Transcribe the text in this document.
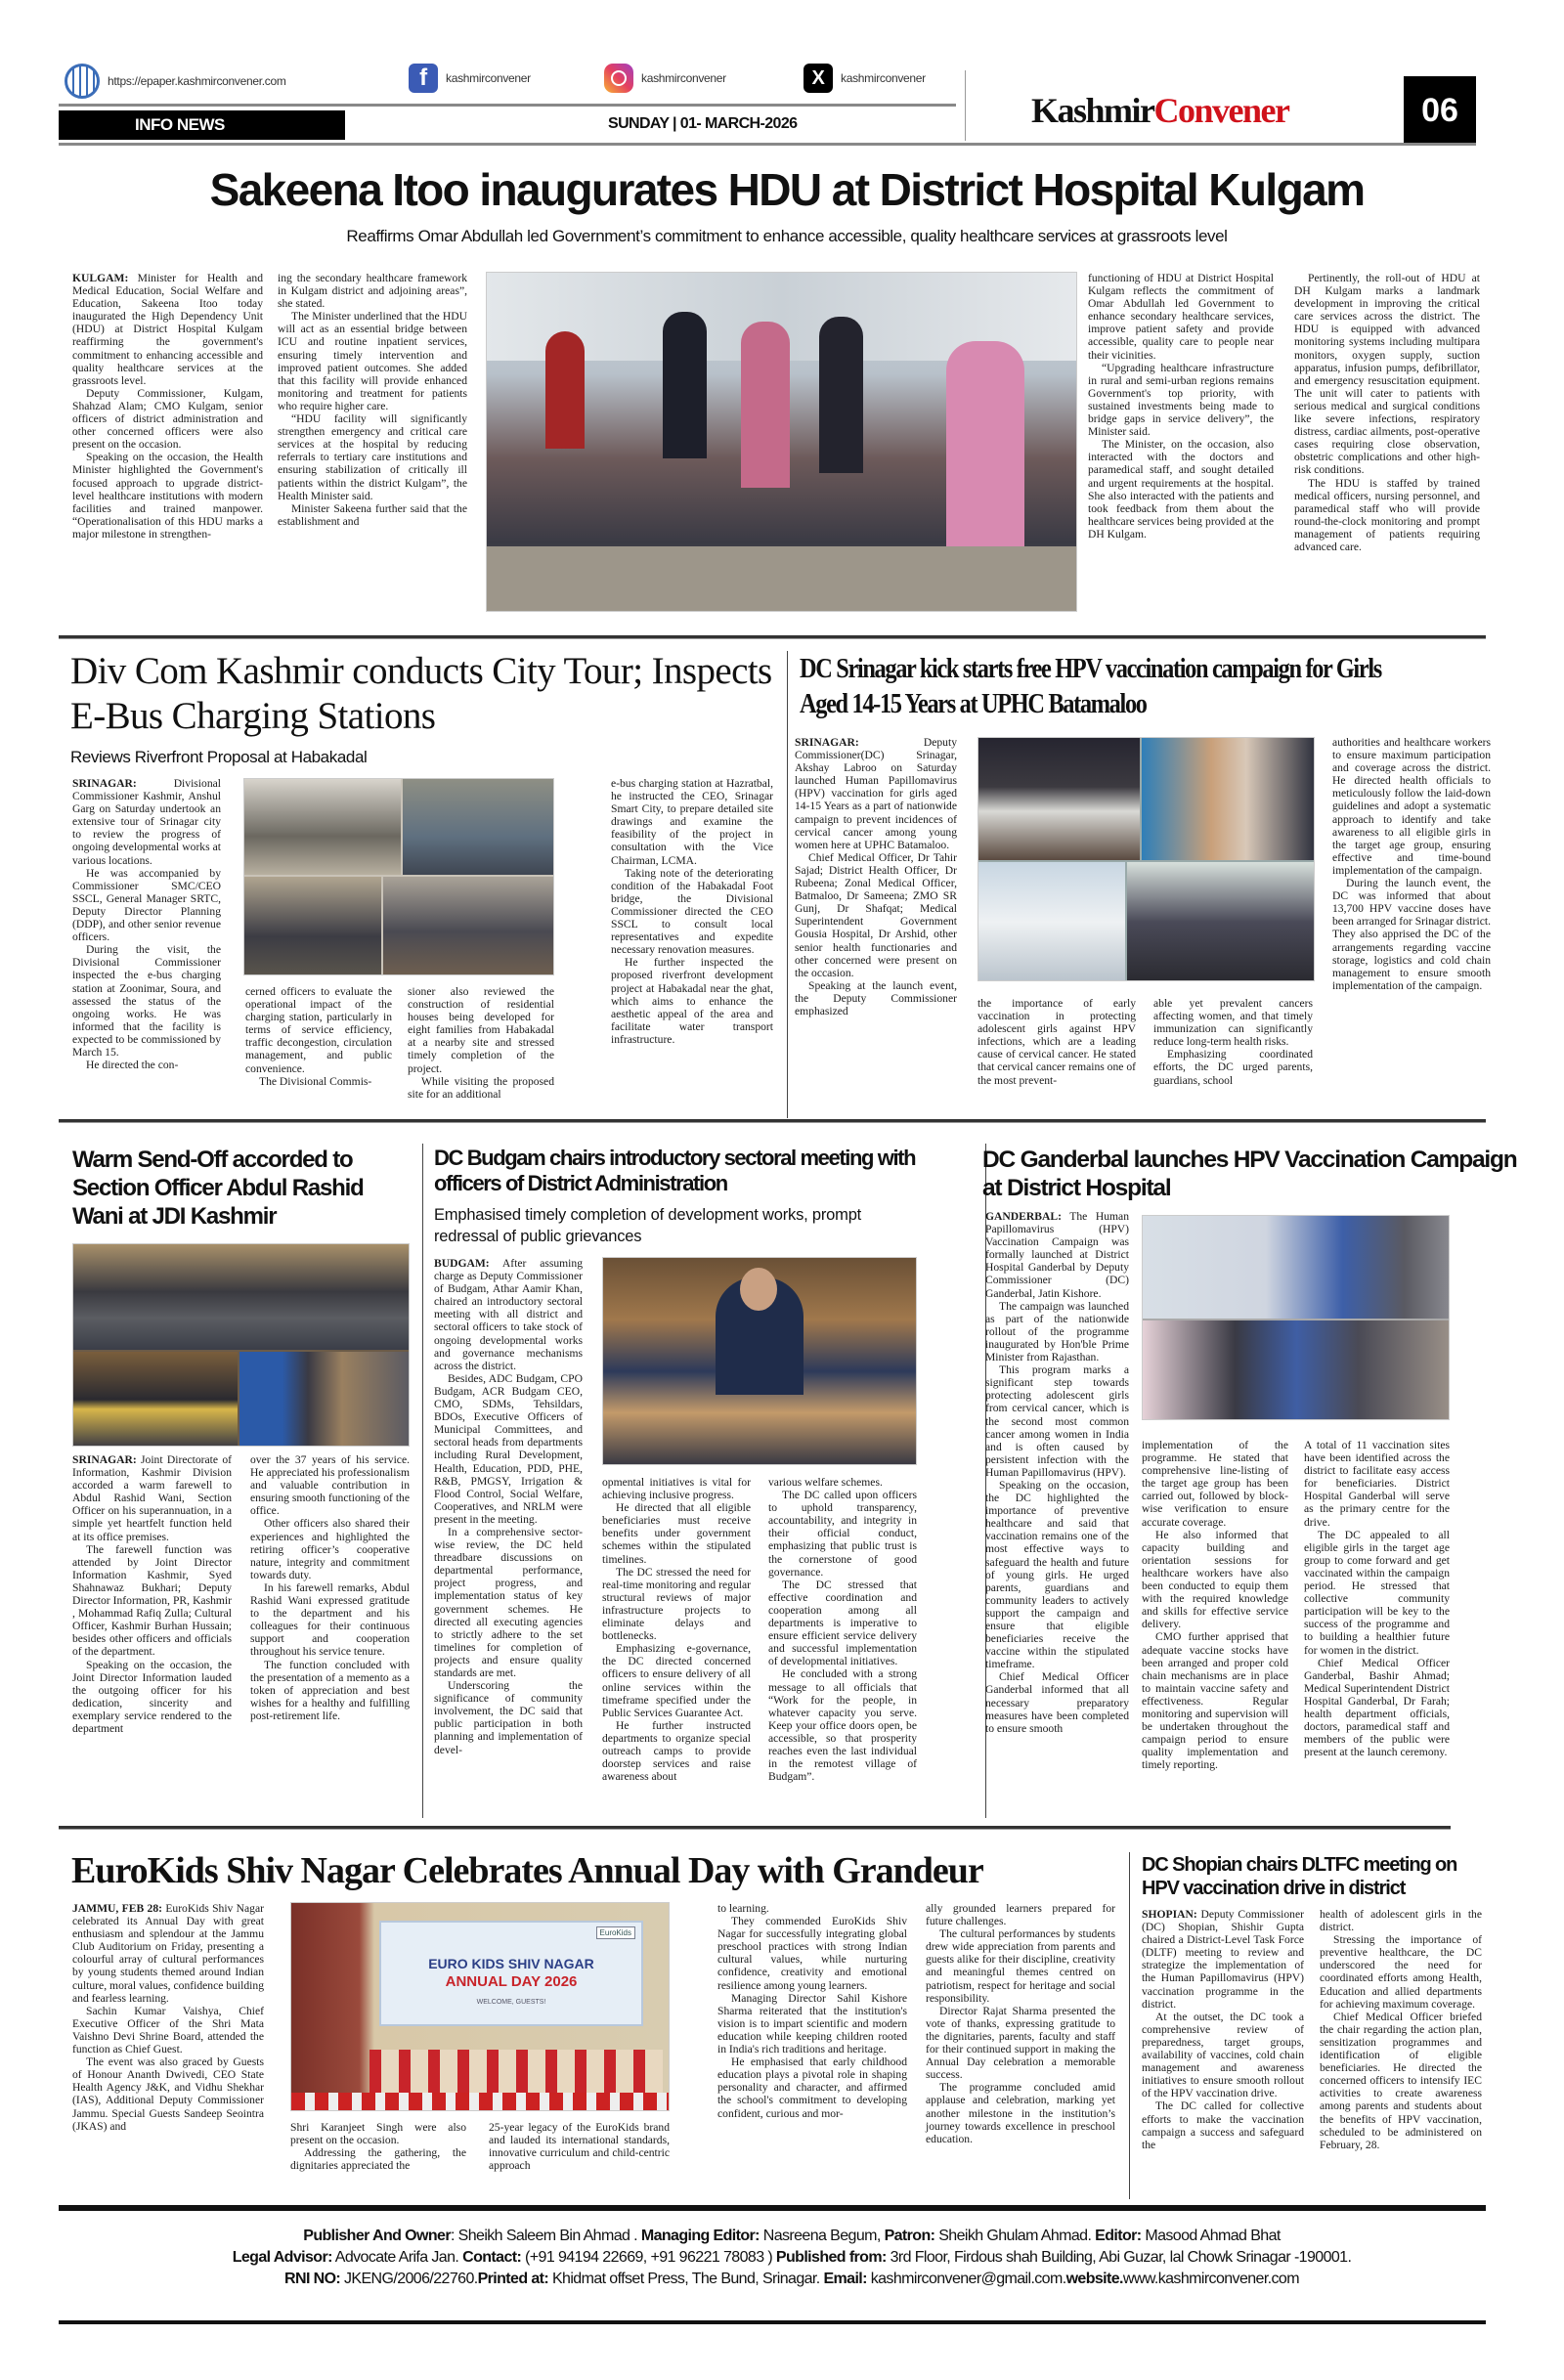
https://epaper.kashmirconvener.com	f	kashmirconvener	kashmirconvener	X	kashmirconvener
INFO NEWS	SUNDAY | 01- MARCH-2026	KashmirConvener	06
Sakeena Itoo inaugurates HDU at District Hospital Kulgam
Reaffirms Omar Abdullah led Government’s commitment to enhance accessible, quality healthcare services at grassroots level

KULGAM: Minister for Health and Medical Education, Social Welfare and Education, Sakeena Itoo today inaugurated the High Dependency Unit (HDU) at District Hospital Kulgam reaffirming the government's commitment to enhancing accessible and quality healthcare services at the grassroots level.

Deputy Commissioner, Kulgam, Shahzad Alam; CMO Kulgam, senior officers of district administration and other concerned officers were also present on the occasion.

Speaking on the occasion, the Health Minister highlighted the Government's focused approach to upgrade district-level healthcare institutions with modern facilities and trained manpower. “Operationalisation of this HDU marks a major milestone in strengthen-

ing the secondary healthcare framework in Kulgam district and adjoining areas”, she stated.

The Minister underlined that the HDU will act as an essential bridge between ICU and routine inpatient services, ensuring timely intervention and improved patient outcomes. She added that this facility will provide enhanced monitoring and treatment for patients who require higher care.

“HDU facility will significantly strengthen emergency and critical care services at the hospital by reducing referrals to tertiary care institutions and ensuring stabilization of critically ill patients within the district Kulgam”, the Health Minister said.

Minister Sakeena further said that the establishment and

functioning of HDU at District Hospital Kulgam reflects the commitment of Omar Abdullah led Government to enhance secondary healthcare services, improve patient safety and provide accessible, quality care to people near their vicinities.

“Upgrading healthcare infrastructure in rural and semi-urban regions remains Government's top priority, with sustained investments being made to bridge gaps in service delivery”, the Minister said.

The Minister, on the occasion, also interacted with the doctors and paramedical staff, and sought detailed and urgent requirements at the hospital. She also interacted with the patients and took feedback from them about the healthcare services being provided at the DH Kulgam.

Pertinently, the roll-out of HDU at DH Kulgam marks a landmark development in improving the critical care services across the district. The HDU is equipped with advanced monitoring systems including multipara monitors, oxygen supply, suction apparatus, infusion pumps, defibrillator, and emergency resuscitation equipment. The unit will cater to patients with serious medical and surgical conditions like severe infections, respiratory distress, cardiac ailments, post-operative cases requiring close observation, obstetric complications and other high-risk conditions.

The HDU is staffed by trained medical officers, nursing personnel, and paramedical staff who will provide round-the-clock monitoring and prompt management of patients requiring advanced care.

Div Com Kashmir conducts City Tour; Inspects E-Bus Charging Stations
Reviews Riverfront Proposal at Habakadal

SRINAGAR:	Divisional Commissioner Kashmir, Anshul Garg on Saturday undertook an extensive tour of Srinagar city to review the progress of ongoing developmental works at various locations.

He was accompanied by Commissioner SMC/CEO SSCL, General Manager SRTC, Deputy Director Planning (DDP), and other senior revenue officers.

During the visit, the Divisional Commissioner inspected the e-bus charging station at Zoonimar, Soura, and assessed the status of the ongoing works. He was informed that the facility is expected to be commissioned by March 15.

He directed the con-

cerned officers to evaluate the operational impact of the charging station, particularly in terms of service efficiency, traffic decongestion, circulation management, and public convenience.

The Divisional Commis-

sioner also reviewed the construction of residential houses being developed for eight families from Habakadal at a nearby site and stressed timely completion of the project.

While visiting the proposed site for an additional

e-bus charging station at Hazratbal, he instructed the CEO, Srinagar Smart City, to prepare detailed site drawings and examine the feasibility of the project in consultation with the Vice Chairman, LCMA.

Taking note of the deteriorating condition of the Habakadal Foot bridge, the Divisional Commissioner directed the CEO SSCL to consult local representatives and expedite necessary renovation measures.

He further inspected the proposed riverfront development project at Habakadal near the ghat, which aims to enhance the aesthetic appeal of the area and facilitate water transport infrastructure.

DC Srinagar kick starts free HPV vaccination campaign for Girls Aged 14-15 Years at UPHC Batamaloo

SRINAGAR:	Deputy Commissioner(DC) Srinagar, Akshay Labroo on Saturday launched Human Papillomavirus (HPV) vaccination for girls aged 14-15 Years as a part of nationwide campaign to prevent incidences of cervical cancer among young women here at UPHC Batamaloo.

Chief Medical Officer, Dr Tahir Sajad; District Health Officer, Dr Rubeena; Zonal Medical Officer, Batmaloo, Dr Sameena; ZMO SR Gunj, Dr Shafqat; Medical Superintendent Government Gousia Hospital, Dr Arshid, other senior health functionaries and other concerned were present on the occasion.

Speaking at the launch event, the Deputy Commissioner emphasized

the importance of early vaccination in protecting adolescent girls against HPV infections, which are a leading cause of cervical cancer. He stated that cervical cancer remains one of the most prevent-

able yet prevalent cancers affecting women, and that timely immunization can significantly reduce long-term health risks.

Emphasizing coordinated efforts, the DC urged parents, guardians, school

authorities and healthcare workers to ensure maximum participation and coverage across the district. He directed health officials to meticulously follow the laid-down guidelines and adopt a systematic approach to identify and take awareness to all eligible girls in the target age group, ensuring effective and time-bound implementation of the campaign.

During the launch event, the DC was informed that about 13,700 HPV vaccine doses have been arranged for Srinagar district. They also apprised the DC of the arrangements regarding vaccine storage, logistics and cold chain management to ensure smooth implementation of the campaign.

Warm Send-Off accorded to Section Officer Abdul Rashid Wani at JDI Kashmir

SRINAGAR: Joint Directorate of Information, Kashmir Division accorded a warm farewell to Abdul Rashid Wani, Section Officer on his superannuation, in a simple yet heartfelt function held at its office premises.

The farewell function was attended by Joint Director Information Kashmir, Syed Shahnawaz Bukhari; Deputy Director Information, PR, Kashmir , Mohammad Rafiq Zulla; Cultural Officer, Kashmir Burhan Hussain; besides other officers and officials of the department.

Speaking on the occasion, the Joint Director Information lauded the outgoing officer for his dedication, sincerity and exemplary service rendered to the department

over the 37 years of his service. He appreciated his professionalism and valuable contribution in ensuring smooth functioning of the office.

Other officers also shared their experiences and highlighted the retiring officer’s cooperative nature, integrity and commitment towards duty.

In his farewell remarks, Abdul Rashid Wani expressed gratitude to the department and his colleagues for their continuous support and cooperation throughout his service tenure.

The function concluded with the presentation of a memento as a token of appreciation and best wishes for a healthy and fulfilling post-retirement life.

DC Budgam chairs introductory sectoral meeting with officers of District Administration
Emphasised timely completion of development works, prompt redressal of public grievances

BUDGAM: After assuming charge as Deputy Commissioner of Budgam, Athar Aamir Khan, chaired an introductory sectoral meeting with all district and sectoral officers to take stock of ongoing developmental works and governance mechanisms across the district.

Besides, ADC Budgam, CPO Budgam, ACR Budgam CEO, CMO, SDMs, Tehsildars, BDOs, Executive Officers of Municipal Committees, and sectoral heads from departments including Rural Development, Health, Education, PDD, PHE, R&B, PMGSY, Irrigation & Flood Control, Social Welfare, Cooperatives, and NRLM were present in the meeting.

In a comprehensive sector-wise review, the DC held threadbare discussions on departmental performance, project progress, and implementation status of key government schemes. He directed all executing agencies to strictly adhere to the set timelines for completion of projects and ensure quality standards are met.

Underscoring the significance of community involvement, the DC said that public participation in both planning and implementation of devel-

opmental initiatives is vital for achieving inclusive progress.

He directed that all eligible beneficiaries must receive benefits under government schemes within the stipulated timelines.

The DC stressed the need for real-time monitoring and regular structural reviews of major infrastructure projects to eliminate delays and bottlenecks.

Emphasizing e-governance, the DC directed concerned officers to ensure delivery of all online services within the timeframe specified under the Public Services Guarantee Act.

He further instructed departments to organize special outreach camps to provide doorstep services and raise awareness about

various welfare schemes.

The DC called upon officers to uphold transparency, accountability, and integrity in their official conduct, emphasizing that public trust is the cornerstone of good governance.

The DC stressed that effective coordination and cooperation among all departments is imperative to ensure efficient service delivery and successful implementation of developmental initiatives.

He concluded with a strong message to all officials that “Work for the people, in whatever capacity you serve. Keep your office doors open, be accessible, so that prosperity reaches even the last individual in the remotest village of Budgam”.

DC Ganderbal launches HPV Vaccination Campaign at District Hospital

GANDERBAL: The Human Papillomavirus (HPV) Vaccination Campaign was formally launched at District Hospital Ganderbal by Deputy Commissioner (DC) Ganderbal, Jatin Kishore.

The campaign was launched as part of the nationwide rollout of the programme inaugurated by Hon'ble Prime Minister from Rajasthan.

This program marks a significant step towards protecting adolescent girls from cervical cancer, which is the second most common cancer among women in India and is often caused by persistent infection with the Human Papillomavirus (HPV).

Speaking on the occasion, the DC highlighted the importance of preventive healthcare and said that vaccination remains one of the most effective ways to safeguard the health and future of young girls. He urged parents, guardians and community leaders to actively support the campaign and ensure that eligible beneficiaries receive the vaccine within the stipulated timeframe.

Chief Medical Officer Ganderbal informed that all necessary preparatory measures have been completed to ensure smooth

implementation of the programme. He stated that comprehensive line-listing of the target age group has been carried out, followed by block-wise verification to ensure accurate coverage.

He also informed that capacity building and orientation sessions for healthcare workers have also been conducted to equip them with the required knowledge and skills for effective service delivery.

CMO further apprised that adequate vaccine stocks have been arranged and proper cold chain mechanisms are in place to maintain vaccine safety and effectiveness. Regular monitoring and supervision will be undertaken throughout the campaign period to ensure quality implementation and timely reporting.

A total of 11 vaccination sites have been identified across the district to facilitate easy access for beneficiaries. District Hospital Ganderbal will serve as the primary centre for the drive.

The DC appealed to all eligible girls in the target age group to come forward and get vaccinated within the campaign period. He stressed that collective community participation will be key to the success of the programme and to building a healthier future for women in the district.

Chief Medical Officer Ganderbal, Bashir Ahmad; Medical Superintendent District Hospital Ganderbal, Dr Farah; health department officials, doctors, paramedical staff and members of the public were present at the launch ceremony.

EuroKids Shiv Nagar Celebrates Annual Day with Grandeur

JAMMU, FEB 28: EuroKids Shiv Nagar celebrated its Annual Day with great enthusiasm and splendour at the Jammu Club Auditorium on Friday, presenting a colourful array of cultural performances by young students themed around Indian culture, moral values, confidence building and fearless learning.

Sachin Kumar Vaishya, Chief Executive Officer of the Shri Mata Vaishno Devi Shrine Board, attended the function as Chief Guest.

The event was also graced by Guests of Honour Ananth Dwivedi, CEO State Health Agency J&K, and Vidhu Shekhar (IAS), Additional Deputy Commissioner Jammu. Special Guests Sandeep Seointra (JKAS) and

EuroKids
EURO KIDS SHIV NAGAR
ANNUAL DAY 2026
WELCOME, GUESTS!

Shri Karanjeet Singh were also present on the occasion.

Addressing the gathering, the dignitaries appreciated the

25-year legacy of the EuroKids brand and lauded its international standards, innovative curriculum and child-centric approach

to learning.

They commended EuroKids Shiv Nagar for successfully integrating global preschool practices with strong Indian cultural values, while nurturing confidence, creativity and emotional resilience among young learners.

Managing Director Sahil Kishore Sharma reiterated that the institution's vision is to impart scientific and modern education while keeping children rooted in India's rich traditions and heritage.

He emphasised that early childhood education plays a pivotal role in shaping personality and character, and affirmed the school's commitment to developing confident, curious and mor-

ally grounded learners prepared for future challenges.

The cultural performances by students drew wide appreciation from parents and guests alike for their discipline, creativity and meaningful themes centred on patriotism, respect for heritage and social responsibility.

Director Rajat Sharma presented the vote of thanks, expressing gratitude to the dignitaries, parents, faculty and staff for their continued support in making the Annual Day celebration a memorable success.

The programme concluded amid applause and celebration, marking yet another milestone in the institution’s journey towards excellence in preschool education.

DC Shopian chairs DLTFC meeting on HPV vaccination drive in district

SHOPIAN: Deputy Commissioner (DC) Shopian, Shishir Gupta chaired a District-Level Task Force (DLTF) meeting to review and strategize the implementation of the Human Papillomavirus (HPV) vaccination programme in the district.

At the outset, the DC took a comprehensive review of preparedness, target groups, availability of vaccines, cold chain management and awareness initiatives to ensure smooth rollout of the HPV vaccination drive.

The DC called for collective efforts to make the vaccination campaign a success and safeguard the

health of adolescent girls in the district.

Stressing the importance of preventive healthcare, the DC underscored the need for coordinated efforts among Health, Education and allied departments for achieving maximum coverage.

Chief Medical Officer briefed the chair regarding the action plan, sensitization programmes and identification of eligible beneficiaries. He directed the concerned officers to intensify IEC activities to create awareness among parents and students about the benefits of HPV vaccination, scheduled to be administered on February, 28.

Publisher And Owner: Sheikh Saleem Bin Ahmad . Managing Editor: Nasreena Begum, Patron: Sheikh Ghulam Ahmad. Editor: Masood Ahmad Bhat
Legal Advisor: Advocate Arifa Jan. Contact: (+91 94194 22669, +91 96221 78083 ) Published from: 3rd Floor, Firdous shah Building, Abi Guzar, lal Chowk Srinagar -190001.
RNI NO: JKENG/2006/22760.Printed at: Khidmat offset Press, The Bund, Srinagar. Email: kashmirconvener@gmail.com.website.www.kashmirconvener.com
